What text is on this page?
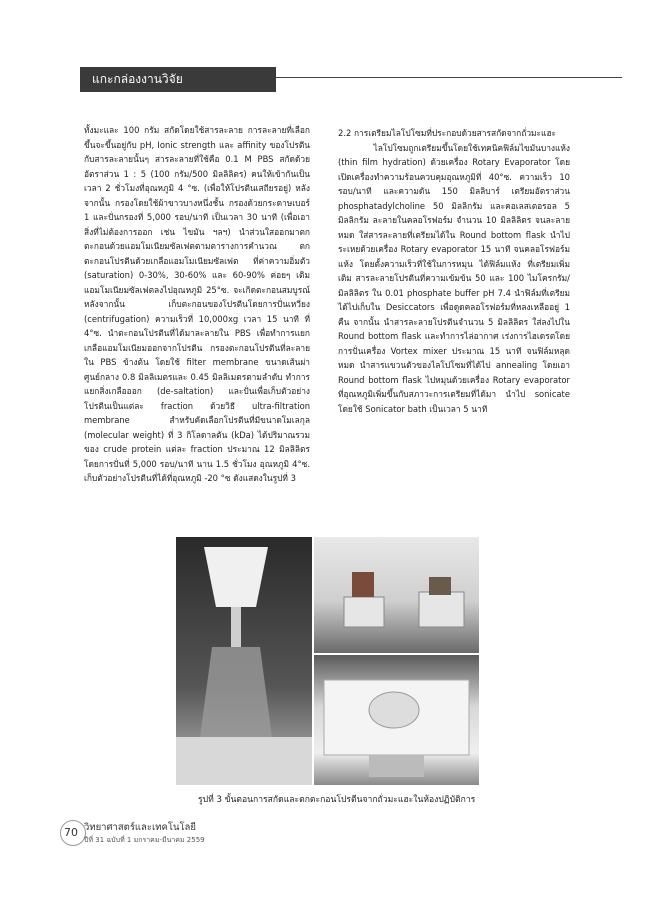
แกะกล่องงานวิจัย
ทั้งมะและ 100 กรัม สกัดโดยใช้สารละลาย การละลายที่เลือกขึ้นจะขึ้นอยู่กับ pH, Ionic strength และ affinity ของโปรตีนกับสารละลายนั้นๆ สารละลายที่ใช้คือ 0.1 M PBS สกัดด้วยอัตราส่วน 1 : 5 (100 กรัม/500 มิลลิลิตร) คนให้เข้ากันเป็นเวลา 2 ชั่วโมงที่อุณหภูมิ 4 °ซ. (เพื่อให้โปรตีนเสถียรอยู่) หลังจากนั้น กรองโดยใช้ผ้าขาวบางหนึ่งชั้น กรองด้วยกระดาษเบอร์ 1 และปั่นกรองที่ 5,000 รอบ/นาที เป็นเวลา 30 นาที (เพื่อเอาสิ่งที่ไม่ต้องการออก เช่น ไขมัน ฯลฯ) นำส่วนใสออกมาตกตะกอนด้วยแอมโมเนียมซัลเฟตตามตารางการคำนวณ ตกตะกอนโปรตีนด้วยเกลือแอมโมเนียมซัลเฟต ที่ค่าความอิ่มตัว (saturation) 0-30%, 30-60% และ 60-90% ค่อยๆ เติมแอมโมเนียมซัลเฟตลงไปอุณหภูมิ 25°ซ. จะเกิดตะกอนสมบูรณ์ หลังจากนั้น เก็บตะกอนของโปรตีนโดยการปั่นเหวี่ยง (centrifugation) ความเร็วที่ 10,000xg เวลา 15 นาที ที่ 4°ซ. นำตะกอนโปรตีนที่ได้มาละลายใน PBS เพื่อทำการแยกเกลือแอมโมเนียมออกจากโปรตีน กรองตะกอนโปรตีนที่ละลายใน PBS ข้างต้น โดยใช้ filter membrane ขนาดเส้นผ่าศูนย์กลาง 0.8 มิลลิเมตรและ 0.45 มิลลิเมตรตามลำดับ ทำการแยกสิ่งเกลือออก (de-saltation) และปั่นเพื่อเก็บตัวอย่างโปรตีนเป็นแต่ละ fraction ด้วยวิธี ultra-filtration membrane สำหรับคัดเลือกโปรตีนที่มีขนาดโมเลกุล (molecular weight) ที่ 3 กิโลดาลตัน (kDa) ได้ปริมาณรวมของ crude protein แต่ละ fraction ประมาณ 12 มิลลิลิตร โดยการปั่นที่ 5,000 รอบ/นาที นาน 1.5 ชั่วโมง อุณหภูมิ 4°ซ. เก็บตัวอย่างโปรตีนที่ได้ที่อุณหภูมิ -20 °ซ ดังแสดงในรูปที่ 3
2.2 การเตรียมไลโปโซมที่ประกอบด้วยสารสกัดจากถั่วมะแฮะ
ไลโปโซมถูกเตรียมขึ้นโดยใช้เทคนิคฟิล์มไขมันบางแห้ง (thin film hydration) ด้วยเครื่อง Rotary Evaporator โดยเปิดเครื่องทำความร้อนควบคุมอุณหภูมิที่ 40°ซ. ความเร็ว 10 รอบ/นาที และความดัน 150 มิลลิบาร์ เตรียมอัตราส่วน phosphatadylcholine 50 มิลลิกรัม และคอเลสเตอรอล 5 มิลลิกรัม ละลายในคลอโรฟอร์ม จำนวน 10 มิลลิลิตร จนละลายหมด ใส่สารละลายที่เตรียมได้ใน Round bottom flask นำไประเหยด้วยเครื่อง Rotary evaporator 15 นาที จนคลอโรฟอร์มแห้ง โดยตั้งความเร็วที่ใช้ในการหมุน ได้ฟิล์มแห้ง ที่เตรียมเพิ่มเติม สารละลายโปรตีนที่ความเข้มข้น 50 และ 100 ไมโครกรัม/มิลลิลิตร ใน 0.01 phosphate buffer pH 7.4 นำฟิล์มที่เตรียมได้ไปเก็บใน Desiccators เพื่อดูดคลอโรฟอร์มที่หลงเหลืออยู่ 1 คืน จากนั้น นำสารละลายโปรตีนจำนวน 5 มิลลิลิตร ใส่ลงไปใน Round bottom flask และทำการไล่อากาศ เร่งการไฮเดรตโดยการปั่นเครื่อง Vortex mixer ประมาณ 15 นาที จนฟิล์มหลุดหมด นำสารแขวนตัวของไลโปโซมที่ได้ไป annealing โดยเอา Round bottom flask ไปหมุนด้วยเครื่อง Rotary evaporator ที่อุณหภูมิเพิ่มขึ้นกับสภาวะการเตรียมที่ได้มา นำไป sonicate โดยใช้ Sonicator bath เป็นเวลา 5 นาที
รูปที่ 3 ขั้นตอนการสกัดและตกตะกอนโปรตีนจากถั่วมะแฮะในห้องปฏิบัติการ
70 วิทยาศาสตร์และเทคโนโลยี
ปีที่ 31 ฉบับที่ 1 มกราคม-มีนาคม 2559
